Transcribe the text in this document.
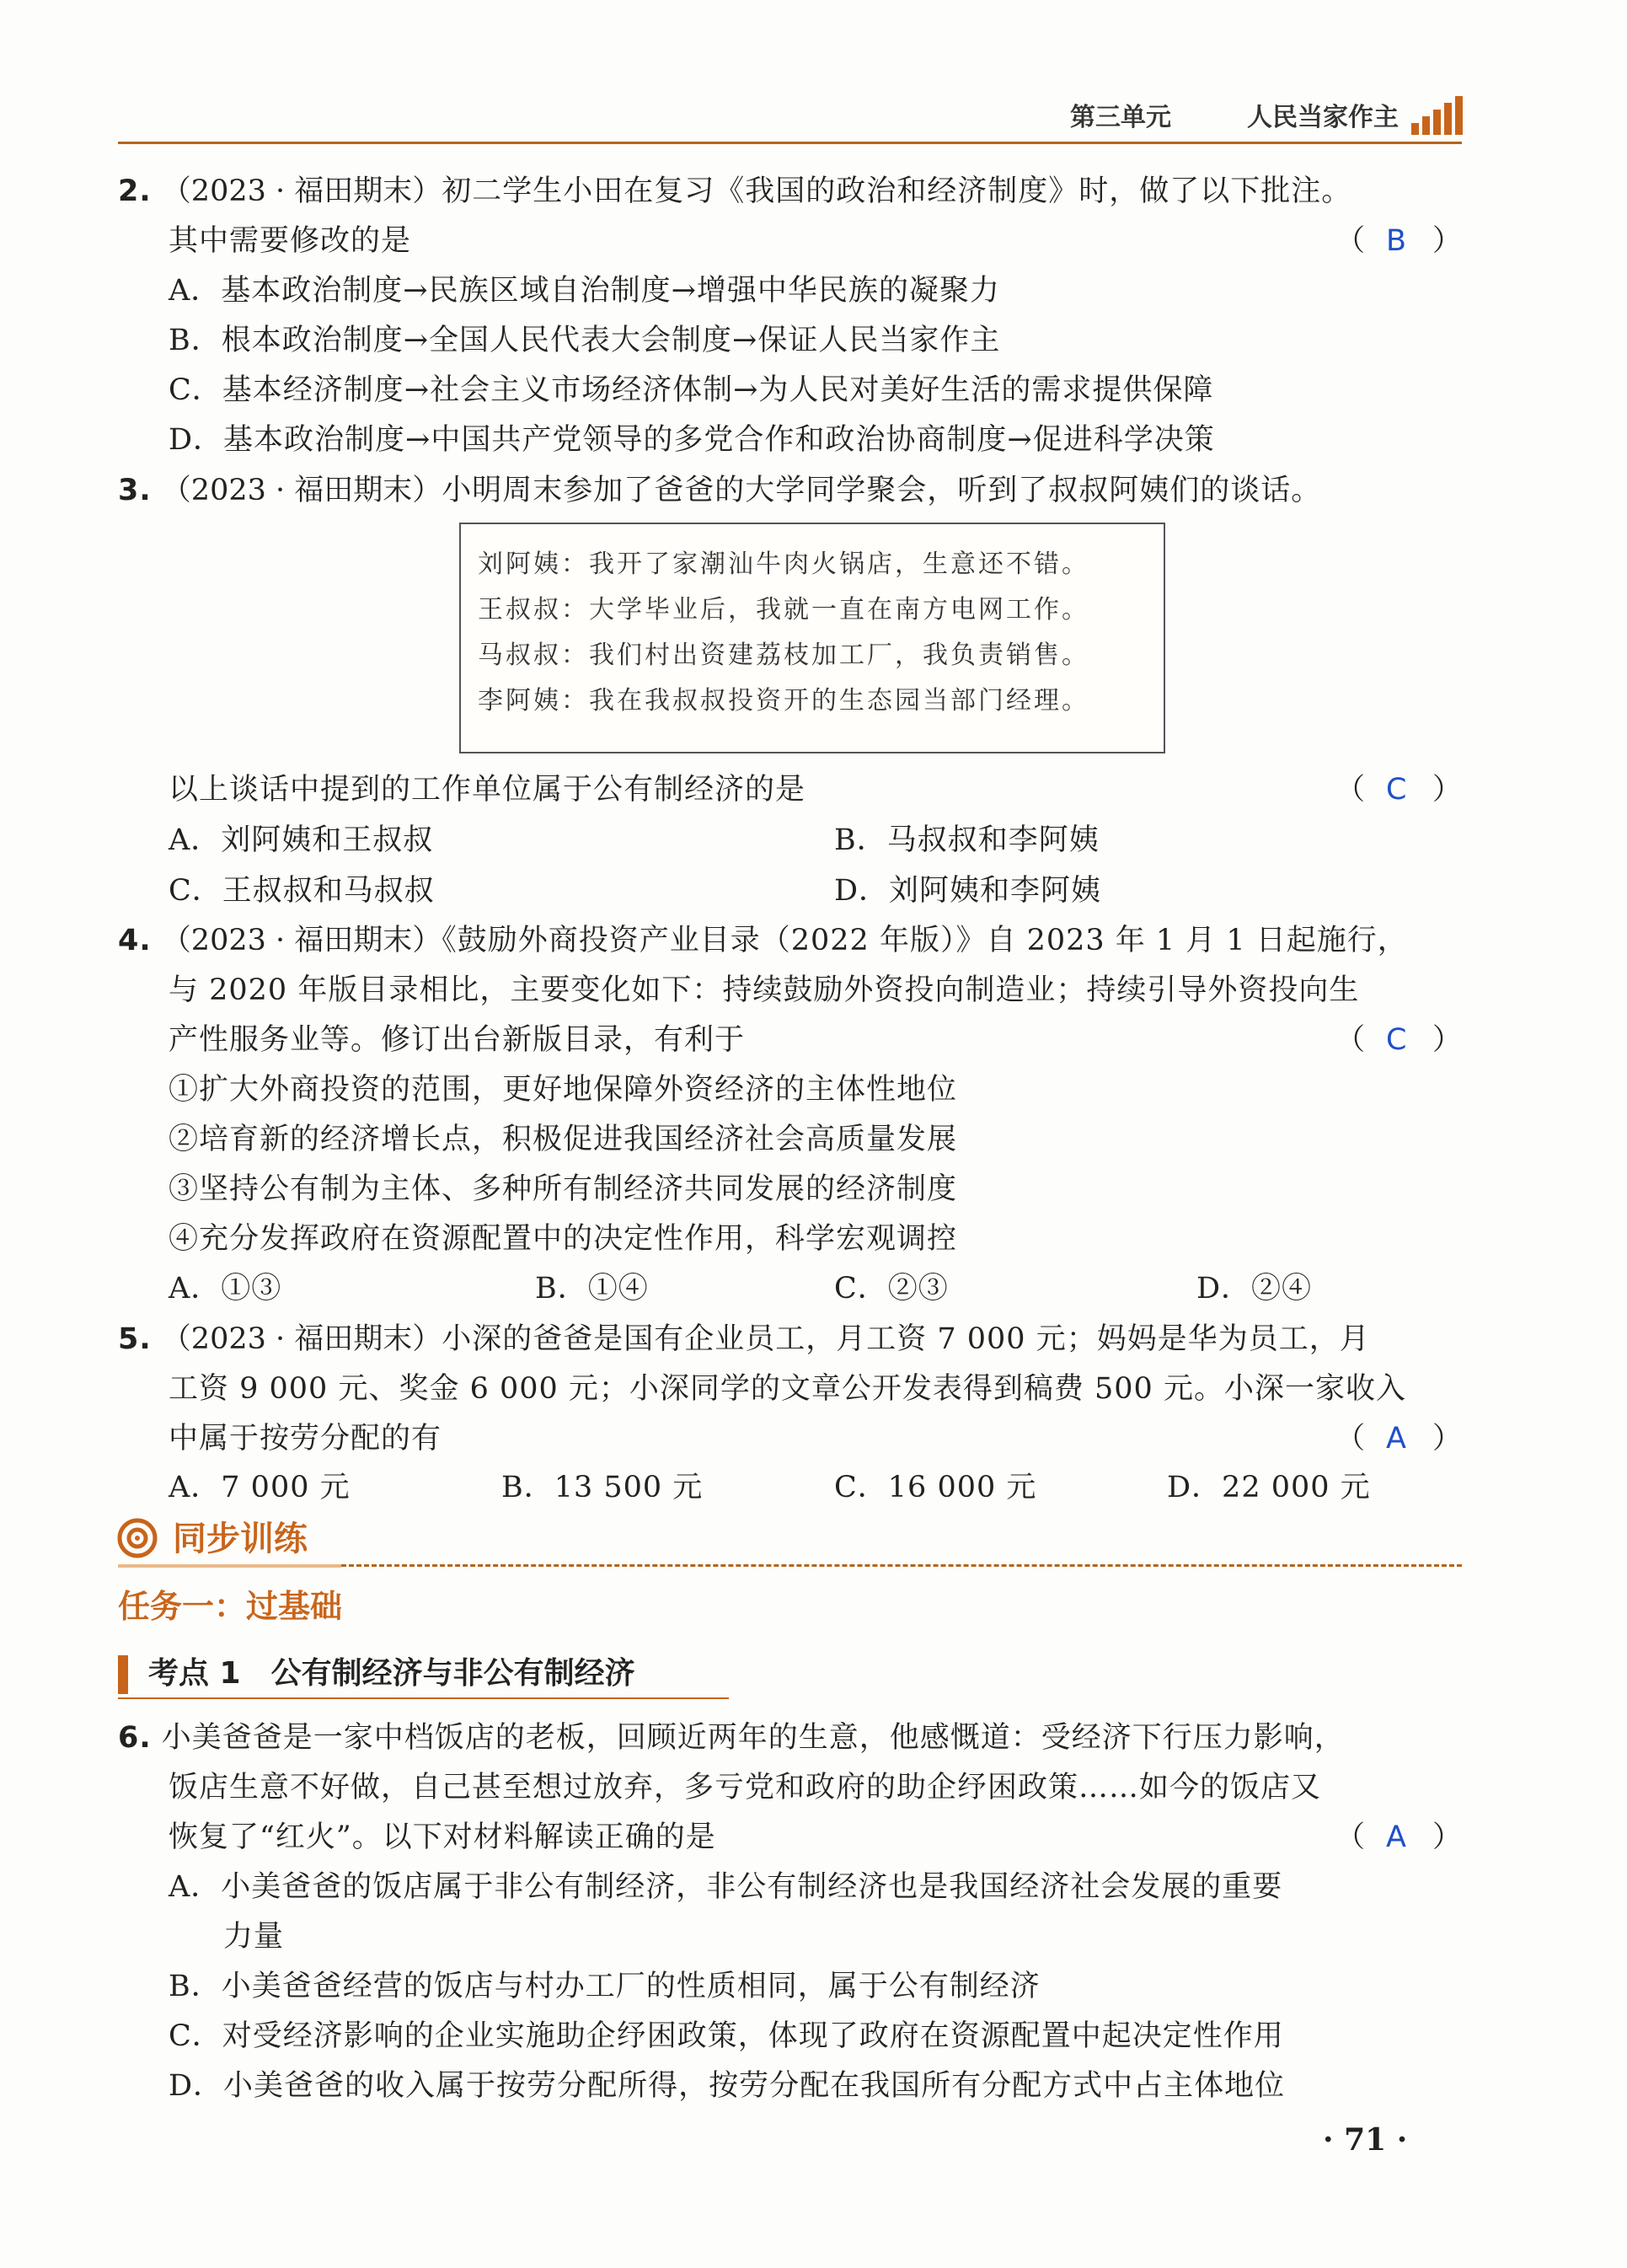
第三单元	人民当家作主
2. （2023 · 福田期末）初二学生小田在复习《我国的政治和经济制度》时，做了以下批注。
其中需要修改的是	（ B ）
A．基本政治制度→民族区域自治制度→增强中华民族的凝聚力
B．根本政治制度→全国人民代表大会制度→保证人民当家作主
C．基本经济制度→社会主义市场经济体制→为人民对美好生活的需求提供保障
D．基本政治制度→中国共产党领导的多党合作和政治协商制度→促进科学决策
3. （2023 · 福田期末）小明周末参加了爸爸的大学同学聚会，听到了叔叔阿姨们的谈话。
刘阿姨：我开了家潮汕牛肉火锅店，生意还不错。
王叔叔：大学毕业后，我就一直在南方电网工作。
马叔叔：我们村出资建荔枝加工厂，我负责销售。
李阿姨：我在我叔叔投资开的生态园当部门经理。
以上谈话中提到的工作单位属于公有制经济的是	（ C ）
A．刘阿姨和王叔叔	B．马叔叔和李阿姨
C．王叔叔和马叔叔	D．刘阿姨和李阿姨
4. （2023 · 福田期末）《鼓励外商投资产业目录（2022 年版）》自 2023 年 1 月 1 日起施行，
与 2020 年版目录相比，主要变化如下：持续鼓励外资投向制造业；持续引导外资投向生
产性服务业等。修订出台新版目录，有利于	（ C ）
①扩大外商投资的范围，更好地保障外资经济的主体性地位
②培育新的经济增长点，积极促进我国经济社会高质量发展
③坚持公有制为主体、多种所有制经济共同发展的经济制度
④充分发挥政府在资源配置中的决定性作用，科学宏观调控
A．①③	B．①④	C．②③	D．②④
5. （2023 · 福田期末）小深的爸爸是国有企业员工，月工资 7 000 元；妈妈是华为员工，月
工资 9 000 元、奖金 6 000 元；小深同学的文章公开发表得到稿费 500 元。小深一家收入
中属于按劳分配的有	（ A ）
A．7 000 元	B．13 500 元	C．16 000 元	D．22 000 元
同步训练
任务一：过基础
考点 1　公有制经济与非公有制经济
6. 小美爸爸是一家中档饭店的老板，回顾近两年的生意，他感慨道：受经济下行压力影响，
饭店生意不好做，自己甚至想过放弃，多亏党和政府的助企纾困政策……如今的饭店又
恢复了“红火”。以下对材料解读正确的是	（ A ）
A．小美爸爸的饭店属于非公有制经济，非公有制经济也是我国经济社会发展的重要
力量
B．小美爸爸经营的饭店与村办工厂的性质相同，属于公有制经济
C．对受经济影响的企业实施助企纾困政策，体现了政府在资源配置中起决定性作用
D．小美爸爸的收入属于按劳分配所得，按劳分配在我国所有分配方式中占主体地位
· 71 ·
